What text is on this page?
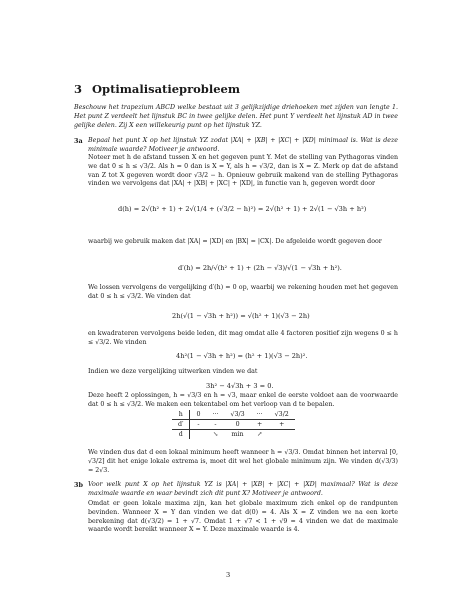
3 Optimalisatieprobleem
Beschouw het trapezium ABCD welke bestaat uit 3 gelijkzijdige driehoeken met zijden van lengte 1. Het punt Z verdeelt het lijnstuk BC in twee gelijke delen. Het punt Y verdeelt het lijnstuk AD in twee gelijke delen. Zij X een willekeurig punt op het lijnstuk YZ.
3a Bepaal het punt X op het lijnstuk YZ zodat |XA| + |XB| + |XC| + |XD| minimaal is. Wat is deze minimale waarde? Motiveer je antwoord.
Noteer met h de afstand tussen X en het gegeven punt Y. Met de stelling van Pythagoras vinden we dat 0 ≤ h ≤ √3/2. Als h = 0 dan is X = Y, als h = √3/2, dan is X = Z. Merk op dat de afstand van Z tot X gegeven wordt door √3/2 − h. Opnieuw gebruik makend van de stelling Pythagoras vinden we vervolgens dat |XA| + |XB| + |XC| + |XD|, in functie van h, gegeven wordt door
d(h) = 2√(h² + 1) + 2√(1/4 + (√3/2 − h)²) = 2√(h² + 1) + 2√(1 − √3h + h²)
waarbij we gebruik maken dat |XA| = |XD| en |BX| = |CX|. De afgeleide wordt gegeven door
d′(h) = 2h/√(h² + 1) + (2h − √3)/√(1 − √3h + h²).
We lossen vervolgens de vergelijking d′(h) = 0 op, waarbij we rekening houden met het gegeven dat 0 ≤ h ≤ √3/2. We vinden dat
2h(√(1 − √3h + h²)) = √(h² + 1)(√3 − 2h)
en kwadrateren vervolgens beide leden, dit mag omdat alle 4 factoren positief zijn wegens 0 ≤ h ≤ √3/2. We vinden
4h²(1 − √3h + h²) = (h² + 1)(√3 − 2h)².
Indien we deze vergelijking uitwerken vinden we dat
3h² − 4√3h + 3 = 0.
Deze heeft 2 oplossingen, h = √3/3 en h = √3, maar enkel de eerste voldoet aan de voorwaarde dat 0 ≤ h ≤ √3/2. We maken een tekentabel om het verloop van d te bepalen.
h	0	···	√3/3	···	√3/2
d′	-	-	0	+	+
d		↘	min	↗	
We vinden dus dat d een lokaal minimum heeft wanneer h = √3/3. Omdat binnen het interval [0, √3/2] dit het enige lokale extrema is, moet dit wel het globale minimum zijn. We vinden d(√3/3) = 2√3.
3b Voor welk punt X op het lijnstuk YZ is |XA| + |XB| + |XC| + |XD| maximaal? Wat is deze maximale waarde en waar bevindt zich dit punt X? Motiveer je antwoord.
Omdat er geen lokale maxima zijn, kan het globale maximum zich enkel op de randpunten bevinden. Wanneer X = Y dan vinden we dat d(0) = 4. Als X = Z vinden we na een korte berekening dat d(√3/2) = 1 + √7. Omdat 1 + √7 < 1 + √9 = 4 vinden we dat de maximale waarde wordt bereikt wanneer X = Y. Deze maximale waarde is 4.
3
